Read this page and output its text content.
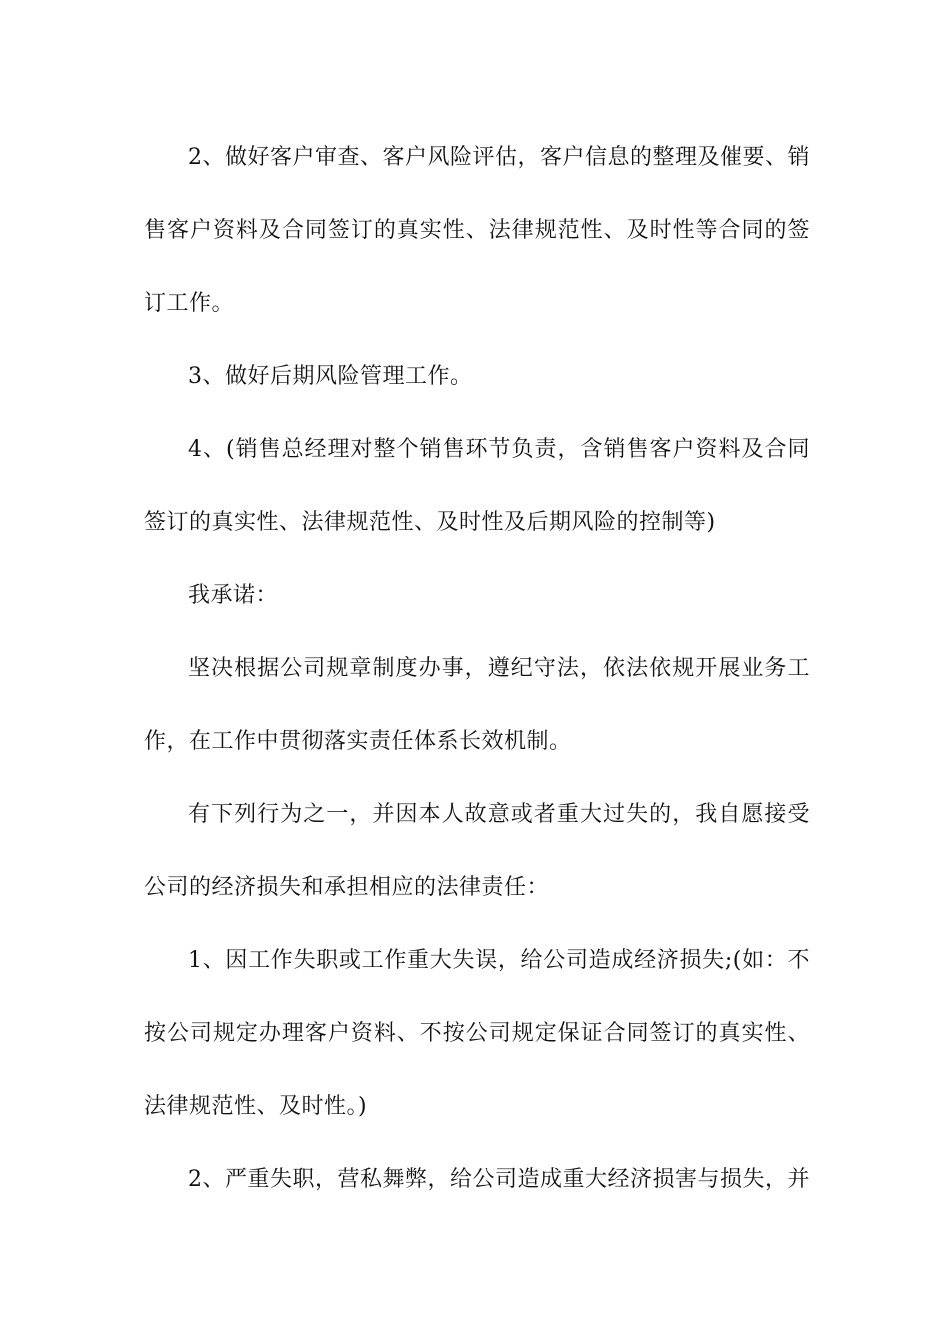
2、做好客户审查、客户风险评估，客户信息的整理及催要、销售客户资料及合同签订的真实性、法律规范性、及时性等合同的签订工作。

3、做好后期风险管理工作。

4、(销售总经理对整个销售环节负责，含销售客户资料及合同签订的真实性、法律规范性、及时性及后期风险的控制等)

我承诺：

坚决根据公司规章制度办事，遵纪守法，依法依规开展业务工作，在工作中贯彻落实责任体系长效机制。

有下列行为之一，并因本人故意或者重大过失的，我自愿接受公司的经济损失和承担相应的法律责任：

1、因工作失职或工作重大失误，给公司造成经济损失;(如：不按公司规定办理客户资料、不按公司规定保证合同签订的真实性、法律规范性、及时性。)

2、严重失职，营私舞弊，给公司造成重大经济损害与损失，并
